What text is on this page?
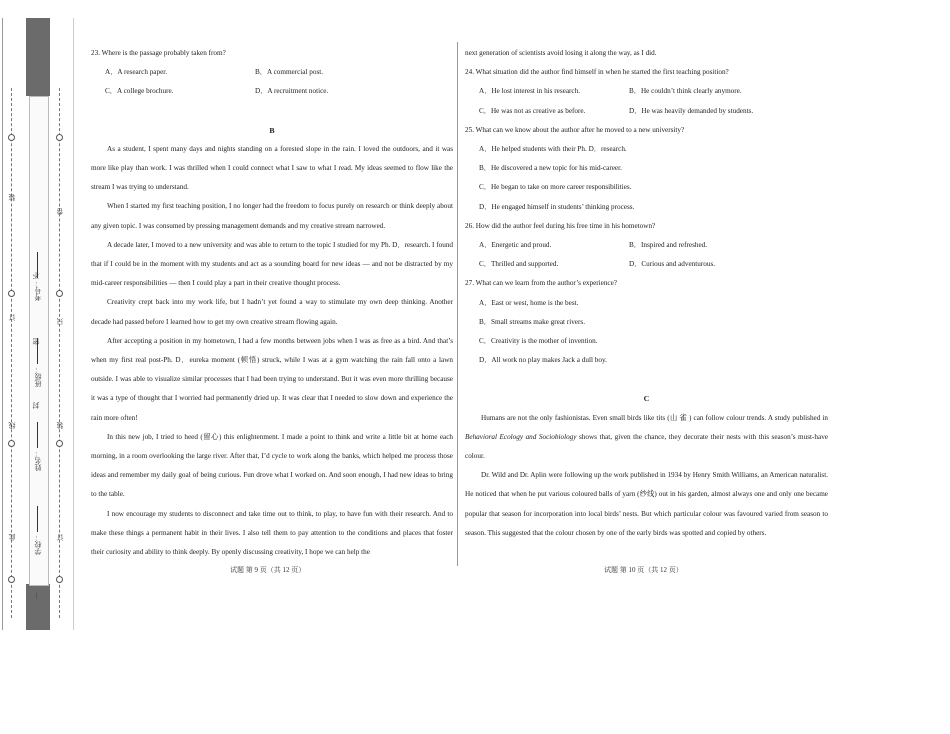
装
订
线
此
卷
只
装
订
不
密
封
…
学校：
姓名：
班级：
考号：
23. Where is the passage probably taken from?
A．A research paper.	B．A commercial post.
C．A college brochure.	D．A recruitment notice.
B
As a student, I spent many days and nights standing on a forested slope in the rain. I loved the outdoors, and it was more like play than work. I was thrilled when I could connect what I saw to what I read. My ideas seemed to flow like the stream I was trying to understand.
When I started my first teaching position, I no longer had the freedom to focus purely on research or think deeply about any given topic. I was consumed by pressing management demands and my creative stream narrowed.
A decade later, I moved to a new university and was able to return to the topic I studied for my Ph. D．research. I found that if I could be in the moment with my students and act as a sounding board for new ideas — and not be distracted by my mid-career responsibilities — then I could play a part in their creative thought process.
Creativity crept back into my work life, but I hadn’t yet found a way to stimulate my own deep thinking. Another decade had passed before I learned how to get my own creative stream flowing again.
After accepting a position in my hometown, I had a few months between jobs when I was as free as a bird. And that’s when my first real post-Ph. D．eureka moment (顿悟) struck, while I was at a gym watching the rain fall onto a lawn outside. I was able to visualize similar processes that I had been trying to understand. But it was even more thrilling because it was a type of thought that I worried had permanently dried up. It was clear that I needed to slow down and experience the rain more often!
In this new job, I tried to heed (留心) this enlightenment. I made a point to think and write a little bit at home each morning, in a room overlooking the large river. After that, I’d cycle to work along the banks, which helped me process those ideas and remember my daily goal of being curious. Fun drove what I worked on. And soon enough, I had new ideas to bring to the table.
I now encourage my students to disconnect and take time out to think, to play, to have fun with their research. And to make these things a permanent habit in their lives. I also tell them to pay attention to the conditions and places that foster their curiosity and ability to think deeply. By openly discussing creativity, I hope we can help the
next generation of scientists avoid losing it along the way, as I did.
24. What situation did the author find himself in when he started the first teaching position?
A．He lost interest in his research.	B．He couldn’t think clearly anymore.
C．He was not as creative as before.	D．He was heavily demanded by students.
25. What can we know about the author after he moved to a new university?
A．He helped students with their Ph. D．research.
B．He discovered a new topic for his mid-career.
C．He began to take on more career responsibilities.
D．He engaged himself in students’ thinking process.
26. How did the author feel during his free time in his hometown?
A．Energetic and proud.	B．Inspired and refreshed.
C．Thrilled and supported.	D．Curious and adventurous.
27. What can we learn from the author’s experience?
A．East or west, home is the best.
B．Small streams make great rivers.
C．Creativity is the mother of invention.
D．All work no play makes Jack a dull boy.
C
Humans are not the only fashionistas. Even small birds like tits (山 雀 ) can follow colour trends. A study published in Behavioral Ecology and Sociobiology shows that, given the chance, they decorate their nests with this season’s must-have colour.
Dr. Wild and Dr. Aplin were following up the work published in 1934 by Henry Smith Williams, an American naturalist. He noticed that when he put various coloured balls of yarn (纱线) out in his garden, almost always one and only one became popular that season for incorporation into local birds’ nests. But which particular colour was favoured varied from season to season. This suggested that the colour chosen by one of the early birds was spotted and copied by others.
试题 第 9 页（共 12 页）	试题 第 10 页（共 12 页）
